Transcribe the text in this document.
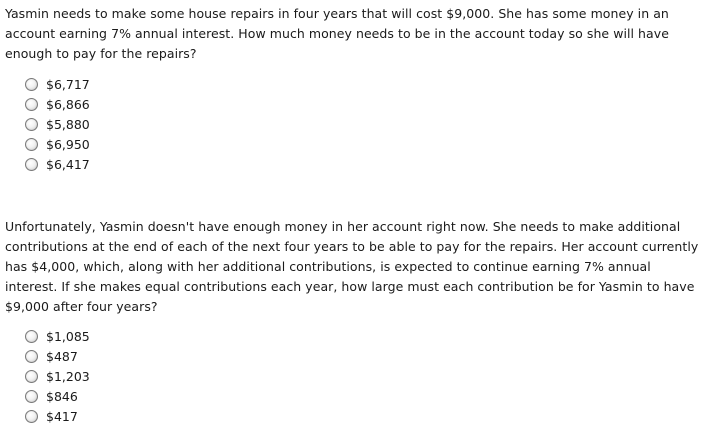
Yasmin needs to make some house repairs in four years that will cost $9,000. She has some money in an account earning 7% annual interest. How much money needs to be in the account today so she will have enough to pay for the repairs?

$6,717
$6,866
$5,880
$6,950
$6,417

Unfortunately, Yasmin doesn't have enough money in her account right now. She needs to make additional contributions at the end of each of the next four years to be able to pay for the repairs. Her account currently has $4,000, which, along with her additional contributions, is expected to continue earning 7% annual interest. If she makes equal contributions each year, how large must each contribution be for Yasmin to have $9,000 after four years?

$1,085
$487
$1,203
$846
$417
